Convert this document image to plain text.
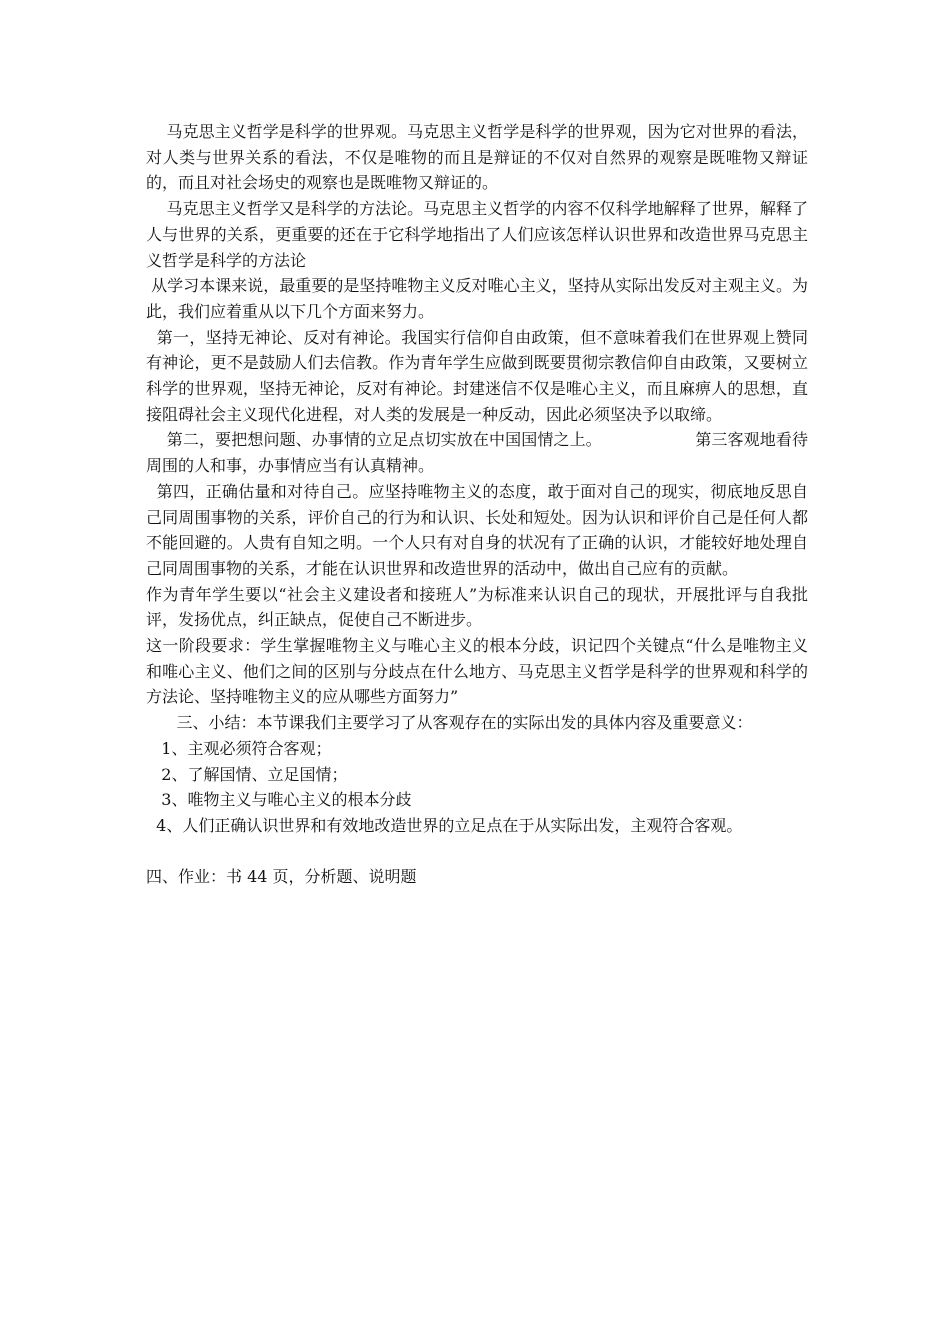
马克思主义哲学是科学的世界观。马克思主义哲学是科学的世界观，因为它对世界的看法，对人类与世界关系的看法，不仅是唯物的而且是辩证的不仅对自然界的观察是既唯物又辩证的，而且对社会场史的观察也是既唯物又辩证的。

马克思主义哲学又是科学的方法论。马克思主义哲学的内容不仅科学地解释了世界，解释了人与世界的关系，更重要的还在于它科学地指出了人们应该怎样认识世界和改造世界马克思主义哲学是科学的方法论

从学习本课来说，最重要的是坚持唯物主义反对唯心主义，坚持从实际出发反对主观主义。为此，我们应着重从以下几个方面来努力。

第一，坚持无神论、反对有神论。我国实行信仰自由政策，但不意味着我们在世界观上赞同有神论，更不是鼓励人们去信教。作为青年学生应做到既要贯彻宗教信仰自由政策，又要树立科学的世界观，坚持无神论，反对有神论。封建迷信不仅是唯心主义，而且麻痹人的思想，直接阻碍社会主义现代化进程，对人类的发展是一种反动，因此必须坚决予以取缔。

第二，要把想问题、办事情的立足点切实放在中国国情之上。                  第三客观地看待周围的人和事，办事情应当有认真精神。

第四，正确估量和对待自己。应坚持唯物主义的态度，敢于面对自己的现实，彻底地反思自己同周围事物的关系，评价自己的行为和认识、长处和短处。因为认识和评价自己是任何人都不能回避的。人贵有自知之明。一个人只有对自身的状况有了正确的认识，才能较好地处理自己同周围事物的关系，才能在认识世界和改造世界的活动中，做出自己应有的贡献。

作为青年学生要以“社会主义建设者和接班人”为标准来认识自己的现状，开展批评与自我批评，发扬优点，纠正缺点，促使自己不断进步。

这一阶段要求：学生掌握唯物主义与唯心主义的根本分歧，识记四个关键点“什么是唯物主义和唯心主义、他们之间的区别与分歧点在什么地方、马克思主义哲学是科学的世界观和科学的方法论、坚持唯物主义的应从哪些方面努力”

三、小结：本节课我们主要学习了从客观存在的实际出发的具体内容及重要意义：

1、主观必须符合客观；

2、了解国情、立足国情；

3、唯物主义与唯心主义的根本分歧

4、人们正确认识世界和有效地改造世界的立足点在于从实际出发，主观符合客观。

四、作业：书 44 页，分析题、说明题
